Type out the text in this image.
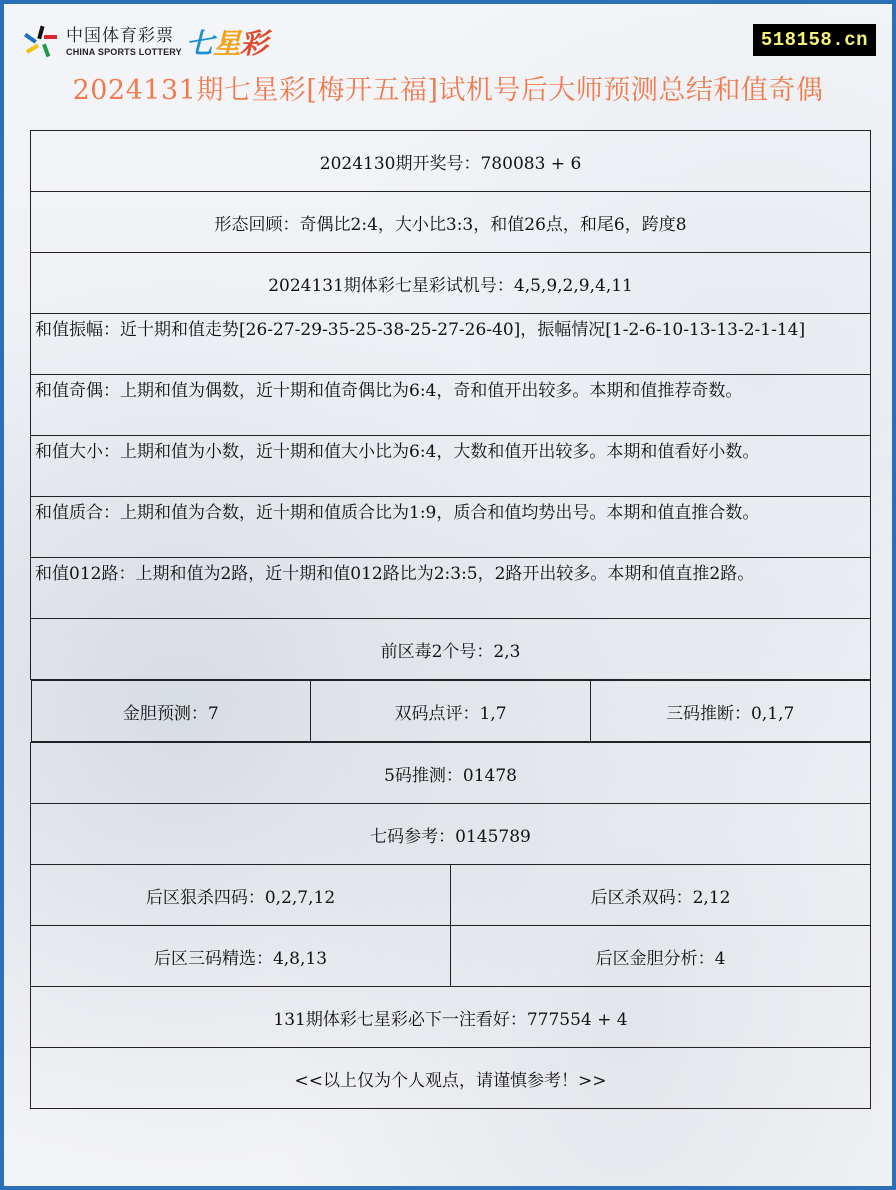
中国体育彩票
CHINA SPORTS LOTTERY 七星彩	518158.cn
2024131期七星彩[梅开五福]试机号后大师预测总结和值奇偶
2024130期开奖号：780083 + 6
形态回顾：奇偶比2:4，大小比3:3，和值26点，和尾6，跨度8
2024131期体彩七星彩试机号：4,5,9,2,9,4,11
和值振幅：近十期和值走势[26-27-29-35-25-38-25-27-26-40]，振幅情况[1-2-6-10-13-13-2-1-14]
和值奇偶：上期和值为偶数，近十期和值奇偶比为6:4，奇和值开出较多。本期和值推荐奇数。
和值大小：上期和值为小数，近十期和值大小比为6:4，大数和值开出较多。本期和值看好小数。
和值质合：上期和值为合数，近十期和值质合比为1:9，质合和值均势出号。本期和值直推合数。
和值012路：上期和值为2路，近十期和值012路比为2:3:5，2路开出较多。本期和值直推2路。
前区毒2个号：2,3

金胆预测：7	双码点评：1,7	三码推断：0,1,7

5码推测：01478
七码参考：0145789
后区狠杀四码：0,2,7,12	后区杀双码：2,12
后区三码精选：4,8,13	后区金胆分析：4
131期体彩七星彩必下一注看好：777554 + 4
<<以上仅为个人观点，请谨慎参考！>>
